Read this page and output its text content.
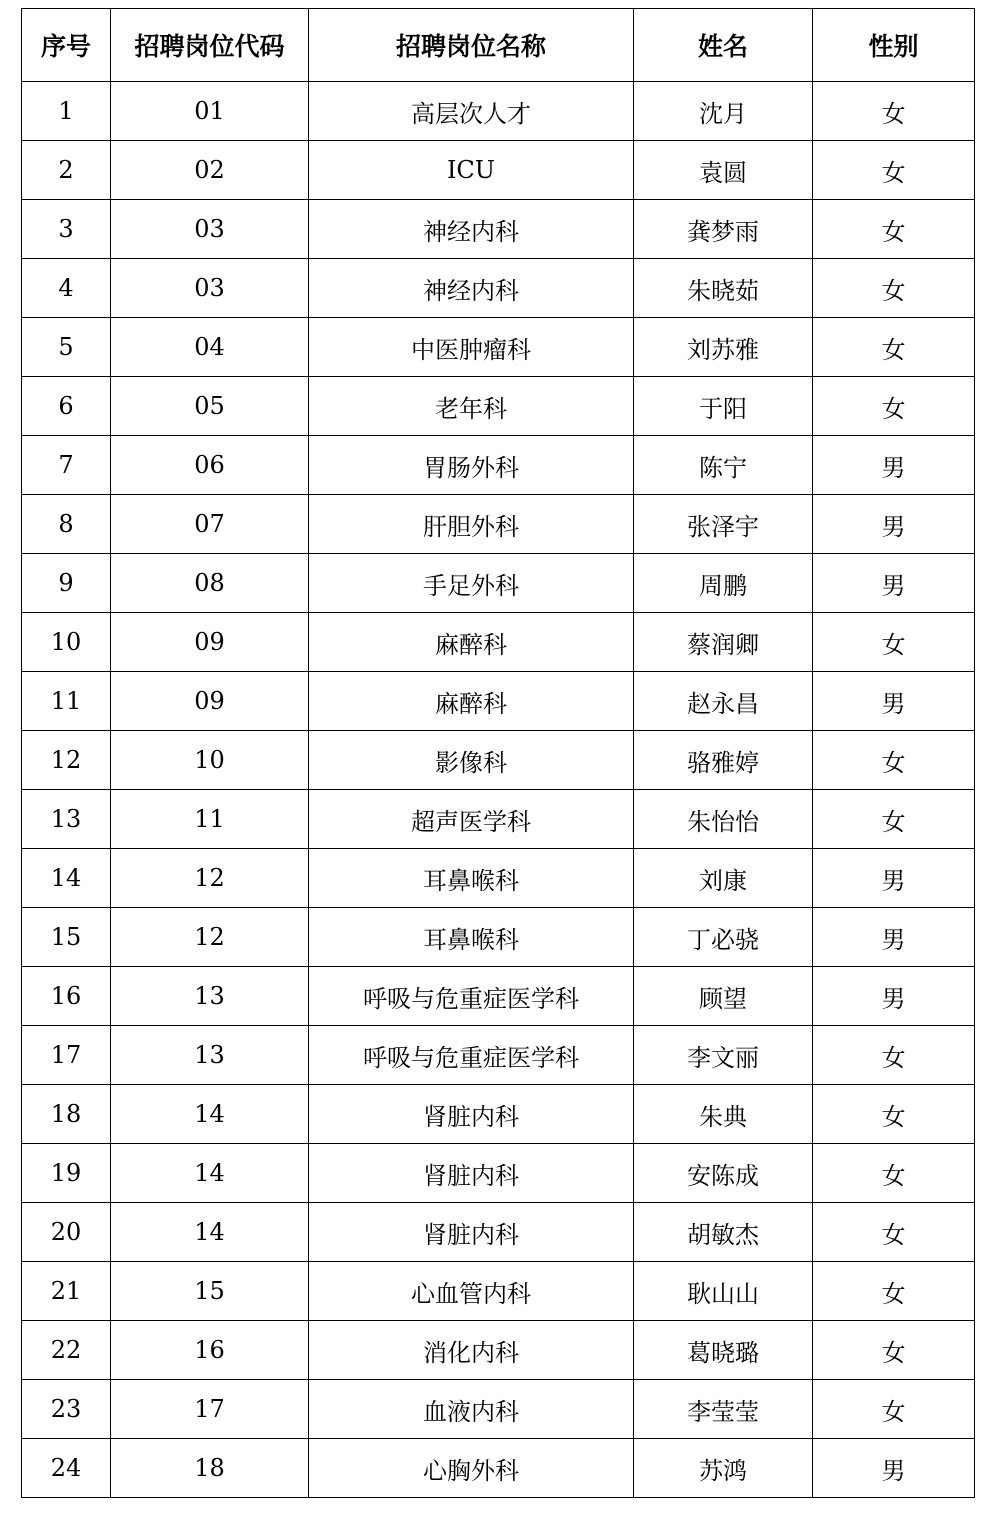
序号	招聘岗位代码	招聘岗位名称	姓名	性别
1	01	高层次人才	沈月	女
2	02	ICU	袁圆	女
3	03	神经内科	龚梦雨	女
4	03	神经内科	朱晓茹	女
5	04	中医肿瘤科	刘苏雅	女
6	05	老年科	于阳	女
7	06	胃肠外科	陈宁	男
8	07	肝胆外科	张泽宇	男
9	08	手足外科	周鹏	男
10	09	麻醉科	蔡润卿	女
11	09	麻醉科	赵永昌	男
12	10	影像科	骆雅婷	女
13	11	超声医学科	朱怡怡	女
14	12	耳鼻喉科	刘康	男
15	12	耳鼻喉科	丁必骁	男
16	13	呼吸与危重症医学科	顾望	男
17	13	呼吸与危重症医学科	李文丽	女
18	14	肾脏内科	朱典	女
19	14	肾脏内科	安陈成	女
20	14	肾脏内科	胡敏杰	女
21	15	心血管内科	耿山山	女
22	16	消化内科	葛晓璐	女
23	17	血液内科	李莹莹	女
24	18	心胸外科	苏鸿	男
